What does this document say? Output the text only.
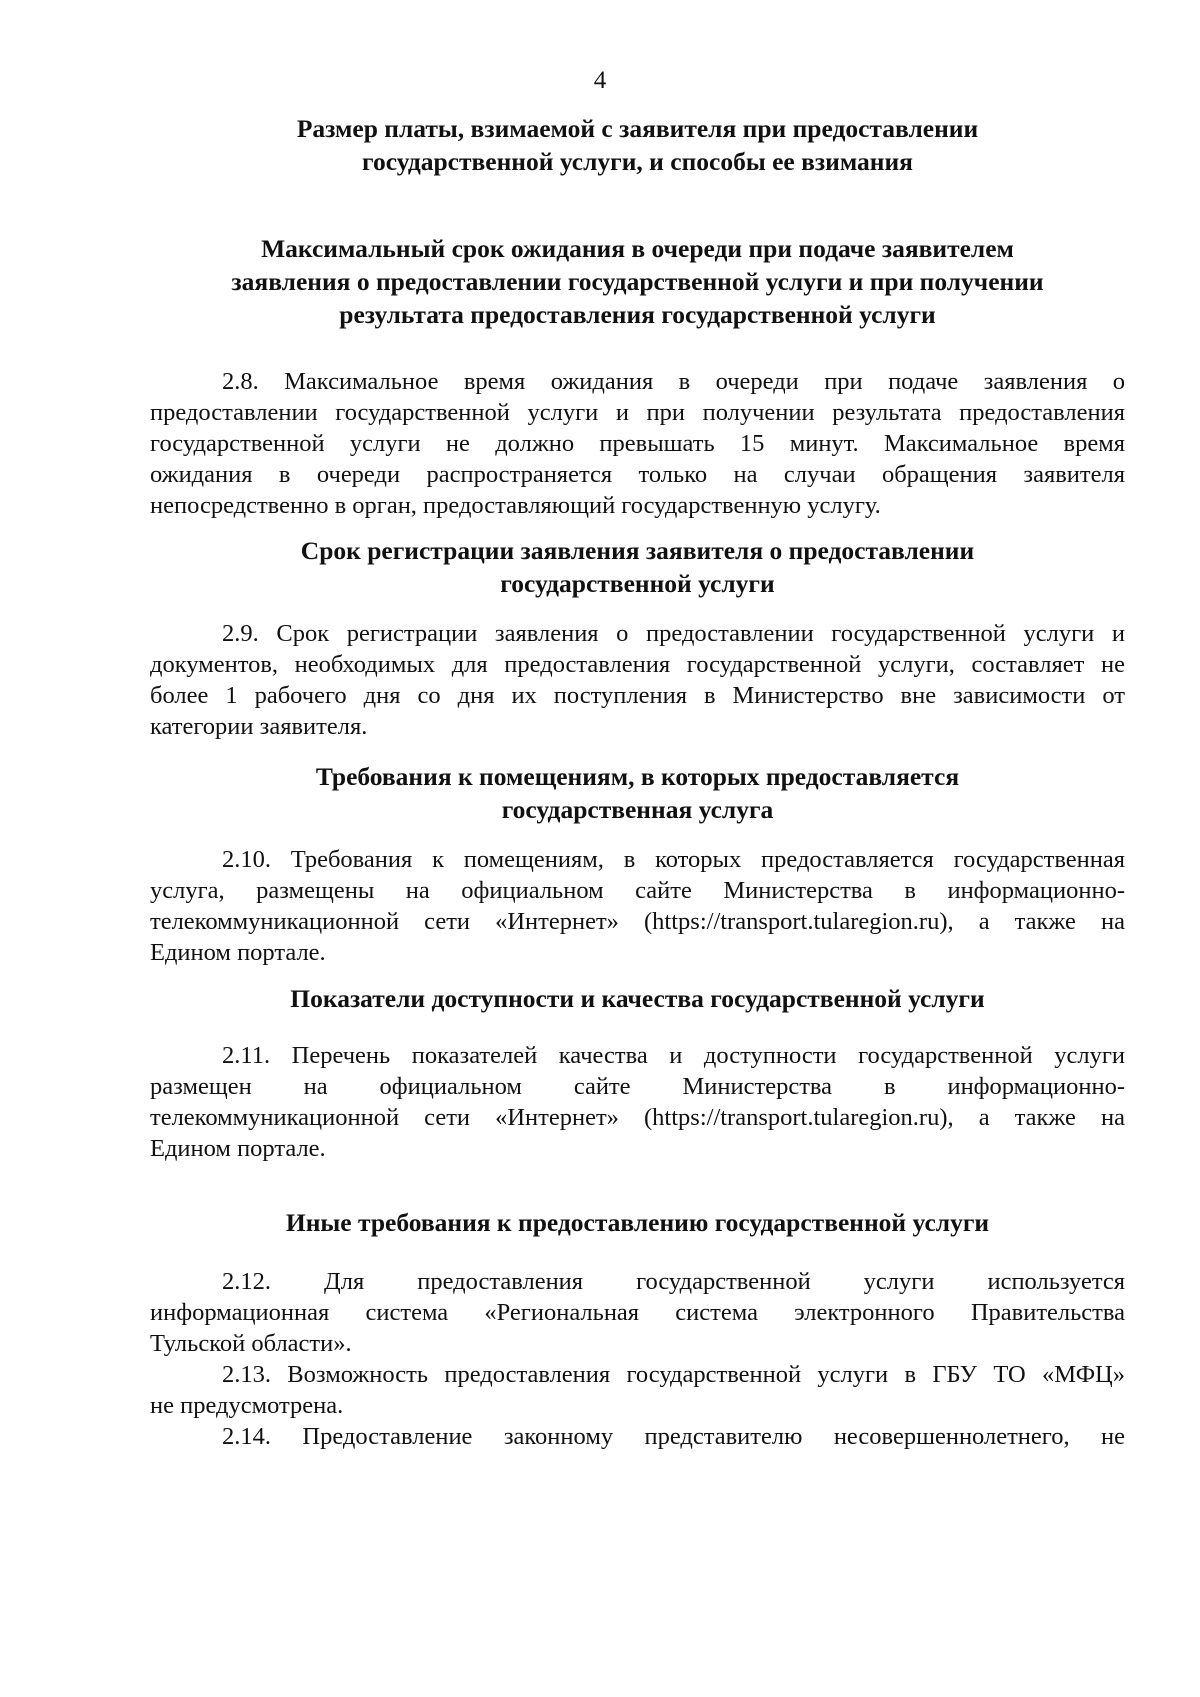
4
Размер платы, взимаемой с заявителя при предоставлении
государственной услуги, и способы ее взимания
Максимальный срок ожидания в очереди при подаче заявителем
заявления о предоставлении государственной услуги и при получении
результата предоставления государственной услуги
2.8. Максимальное время ожидания в очереди при подаче заявления о
предоставлении государственной услуги и при получении результата предоставления
государственной услуги не должно превышать 15 минут. Максимальное время
ожидания в очереди распространяется только на случаи обращения заявителя
непосредственно в орган, предоставляющий государственную услугу.
Срок регистрации заявления заявителя о предоставлении
государственной услуги
2.9. Срок регистрации заявления о предоставлении государственной услуги и
документов, необходимых для предоставления государственной услуги, составляет не
более 1 рабочего дня со дня их поступления в Министерство вне зависимости от
категории заявителя.
Требования к помещениям, в которых предоставляется
государственная услуга
2.10. Требования к помещениям, в которых предоставляется государственная
услуга, размещены на официальном сайте Министерства в информационно-
телекоммуникационной сети «Интернет» (https://transport.tularegion.ru), а также на
Едином портале.
Показатели доступности и качества государственной услуги
2.11. Перечень показателей качества и доступности государственной услуги
размещен на официальном сайте Министерства в информационно-
телекоммуникационной сети «Интернет» (https://transport.tularegion.ru), а также на
Едином портале.
Иные требования к предоставлению государственной услуги
2.12. Для предоставления государственной услуги используется
информационная система «Региональная система электронного Правительства
Тульской области».
2.13. Возможность предоставления государственной услуги в ГБУ ТО «МФЦ»
не предусмотрена.
2.14. Предоставление законному представителю несовершеннолетнего, не
